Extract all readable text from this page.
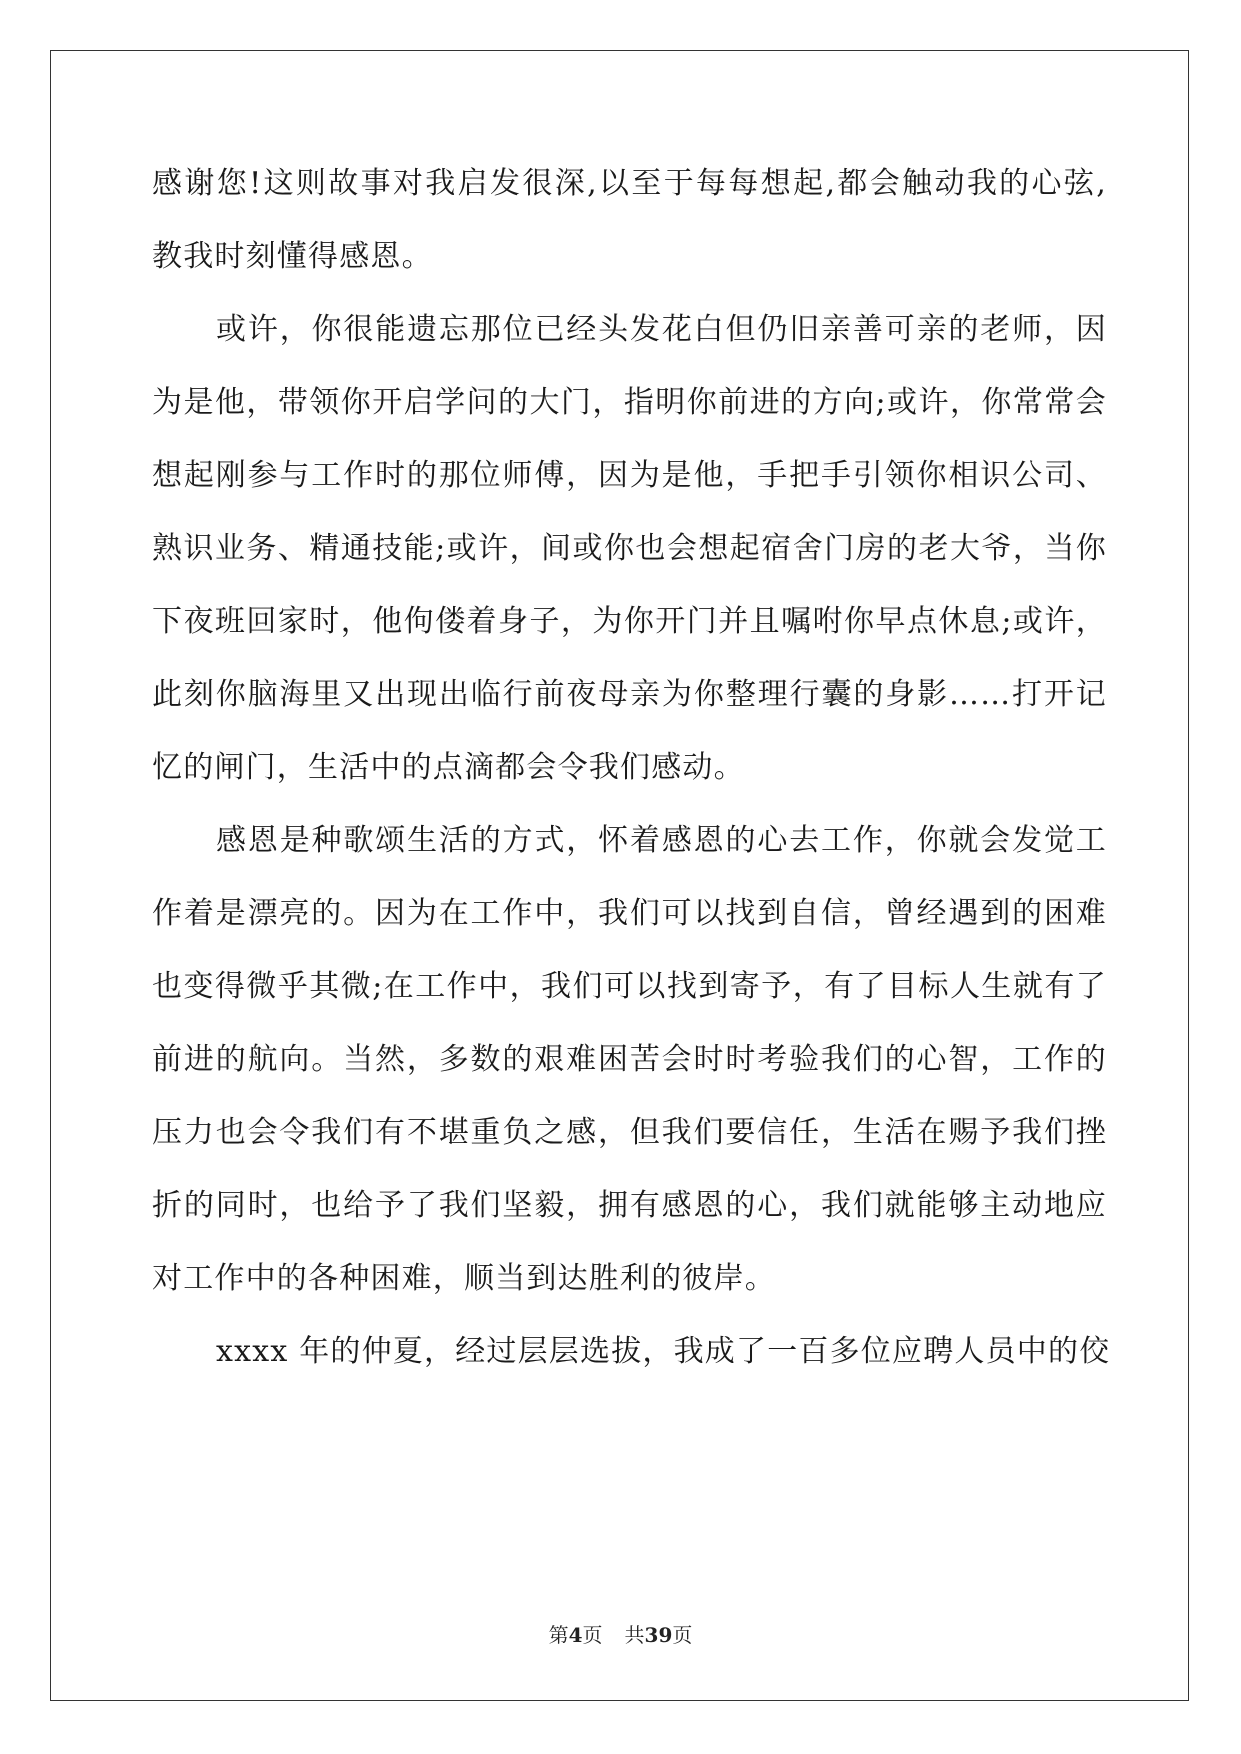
感谢您!这则故事对我启发很深,以至于每每想起,都会触动我的心弦,
教我时刻懂得感恩。
或许，你很能遗忘那位已经头发花白但仍旧亲善可亲的老师，因
为是他，带领你开启学问的大门，指明你前进的方向;或许，你常常会
想起刚参与工作时的那位师傅，因为是他，手把手引领你相识公司、
熟识业务、精通技能;或许，间或你也会想起宿舍门房的老大爷，当你
下夜班回家时，他佝偻着身子，为你开门并且嘱咐你早点休息;或许，
此刻你脑海里又出现出临行前夜母亲为你整理行囊的身影……打开记
忆的闸门，生活中的点滴都会令我们感动。
感恩是种歌颂生活的方式，怀着感恩的心去工作，你就会发觉工
作着是漂亮的。因为在工作中，我们可以找到自信，曾经遇到的困难
也变得微乎其微;在工作中，我们可以找到寄予，有了目标人生就有了
前进的航向。当然，多数的艰难困苦会时时考验我们的心智，工作的
压力也会令我们有不堪重负之感，但我们要信任，生活在赐予我们挫
折的同时，也给予了我们坚毅，拥有感恩的心，我们就能够主动地应
对工作中的各种困难，顺当到达胜利的彼岸。
xxxx 年的仲夏，经过层层选拔，我成了一百多位应聘人员中的佼
第4页 共39页
